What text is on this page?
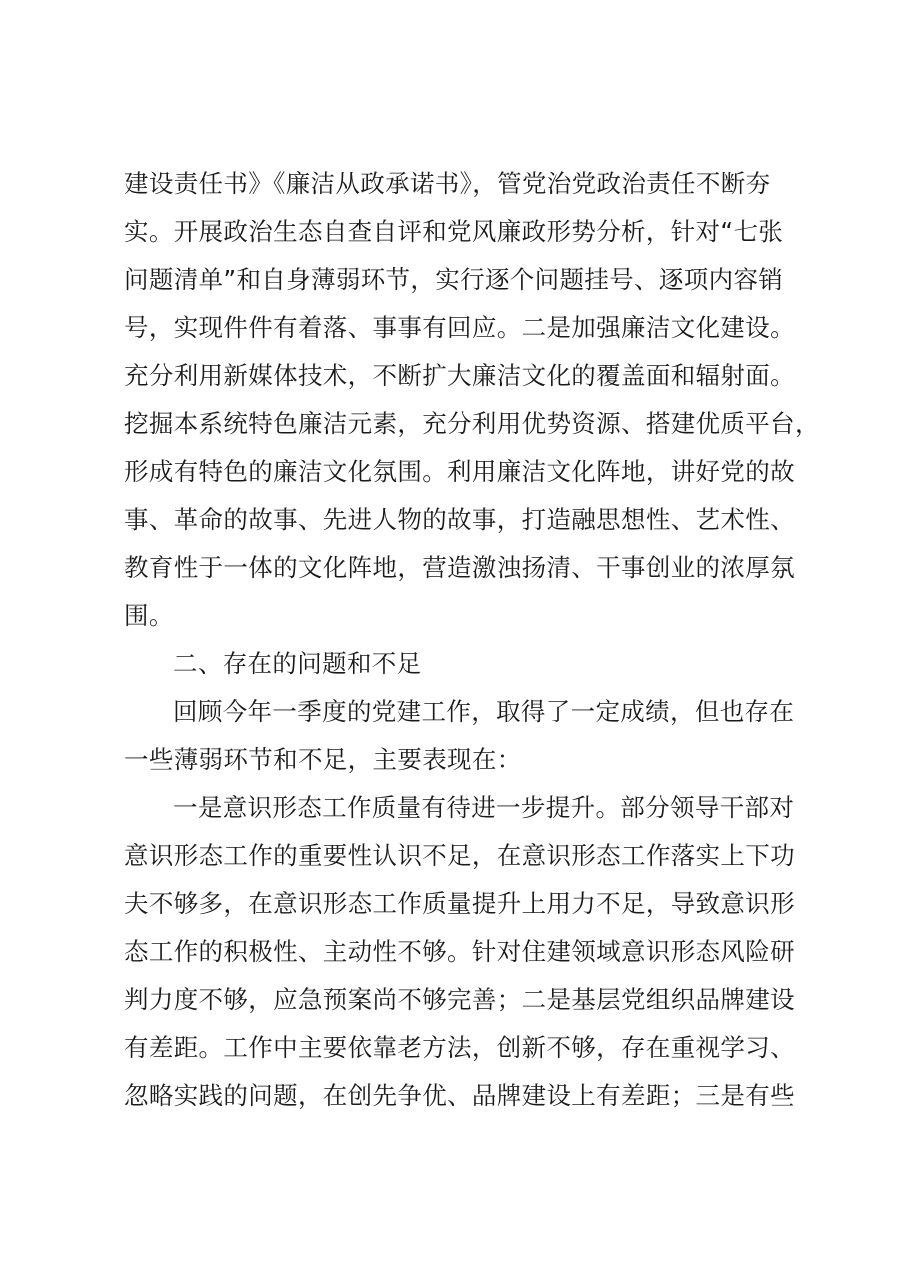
建设责任书》《廉洁从政承诺书》，管党治党政治责任不断夯
实。开展政治生态自查自评和党风廉政形势分析，针对“七张
问题清单”和自身薄弱环节，实行逐个问题挂号、逐项内容销
号，实现件件有着落、事事有回应。二是加强廉洁文化建设。
充分利用新媒体技术，不断扩大廉洁文化的覆盖面和辐射面。
挖掘本系统特色廉洁元素，充分利用优势资源、搭建优质平台，
形成有特色的廉洁文化氛围。利用廉洁文化阵地，讲好党的故
事、革命的故事、先进人物的故事，打造融思想性、艺术性、
教育性于一体的文化阵地，营造激浊扬清、干事创业的浓厚氛
围。
二、存在的问题和不足
回顾今年一季度的党建工作，取得了一定成绩，但也存在
一些薄弱环节和不足，主要表现在：
一是意识形态工作质量有待进一步提升。部分领导干部对
意识形态工作的重要性认识不足，在意识形态工作落实上下功
夫不够多，在意识形态工作质量提升上用力不足，导致意识形
态工作的积极性、主动性不够。针对住建领域意识形态风险研
判力度不够，应急预案尚不够完善；二是基层党组织品牌建设
有差距。工作中主要依靠老方法，创新不够，存在重视学习、
忽略实践的问题，在创先争优、品牌建设上有差距；三是有些
